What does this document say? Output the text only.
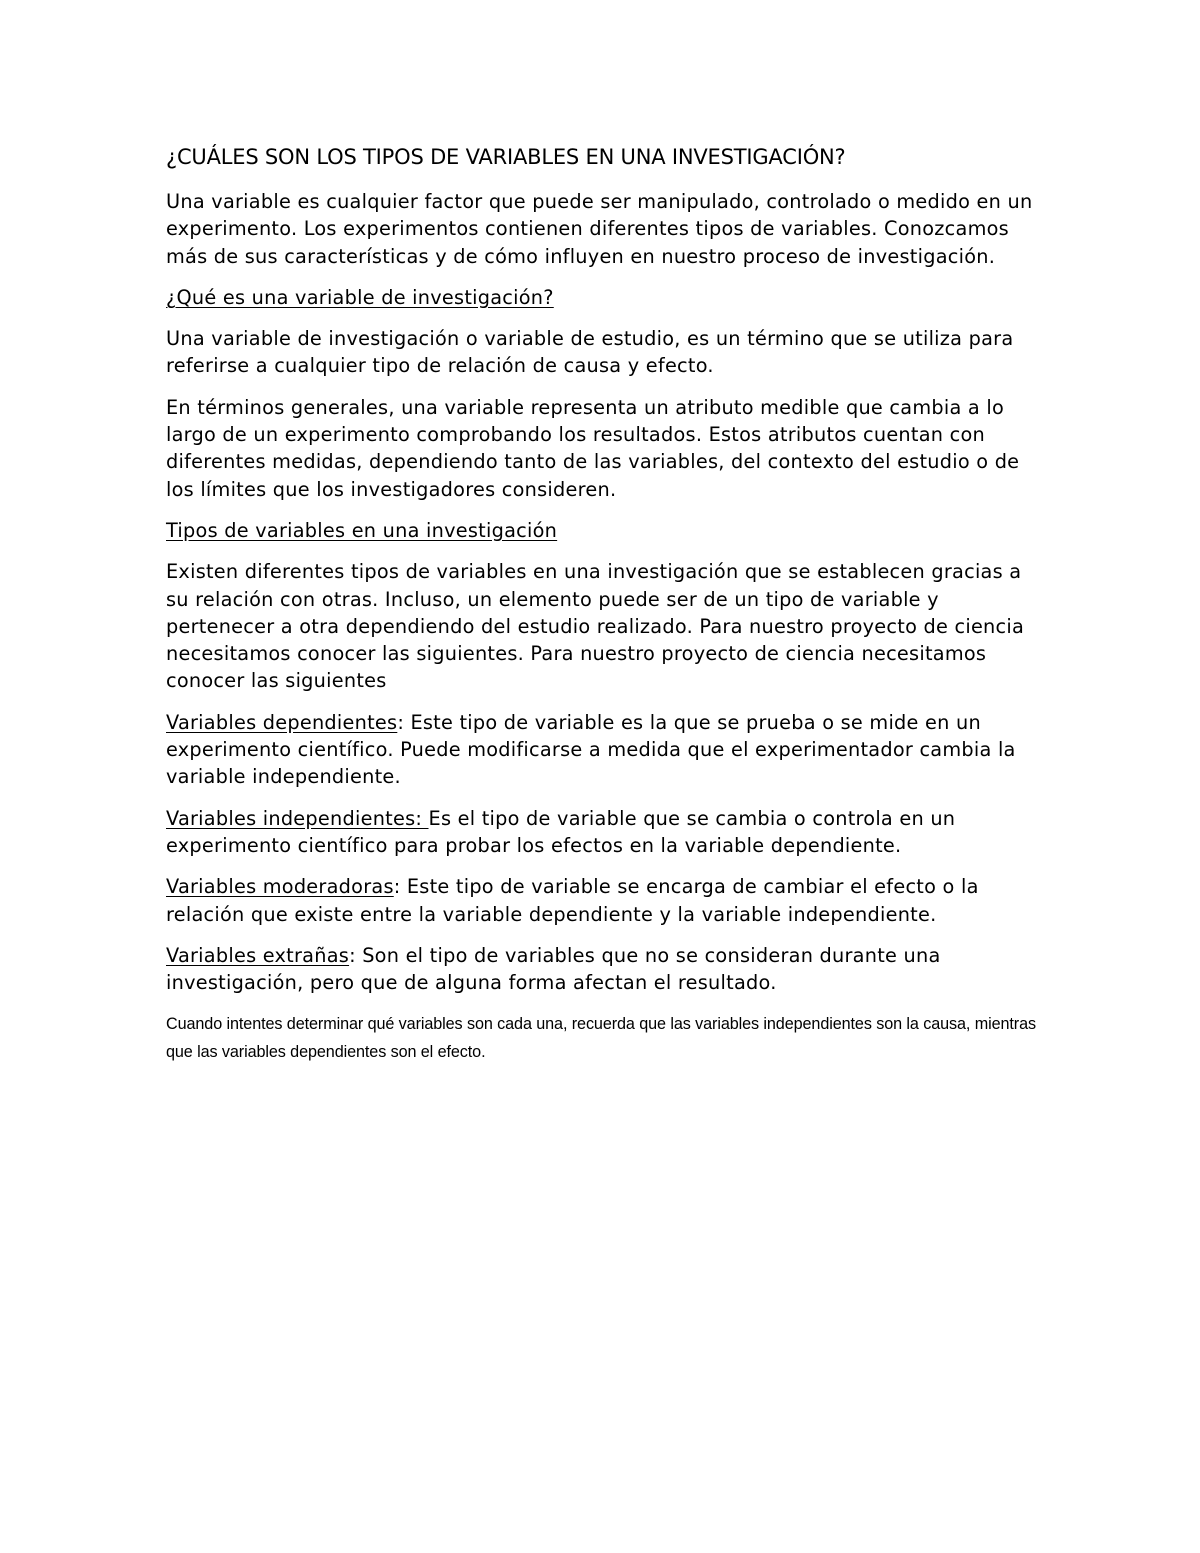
¿CUÁLES SON LOS TIPOS DE VARIABLES EN UNA INVESTIGACIÓN?

Una variable es cualquier factor que puede ser manipulado, controlado o medido en un experimento. Los experimentos contienen diferentes tipos de variables. Conozcamos más de sus características y de cómo influyen en nuestro proceso de investigación.

¿Qué es una variable de investigación?

Una variable de investigación o variable de estudio, es un término que se utiliza para referirse a cualquier tipo de relación de causa y efecto.

En términos generales, una variable representa un atributo medible que cambia a lo largo de un experimento comprobando los resultados. Estos atributos cuentan con diferentes medidas, dependiendo tanto de las variables, del contexto del estudio o de los límites que los investigadores consideren.

Tipos de variables en una investigación

Existen diferentes tipos de variables en una investigación que se establecen gracias a su relación con otras. Incluso, un elemento puede ser de un tipo de variable y pertenecer a otra dependiendo del estudio realizado. Para nuestro proyecto de ciencia necesitamos conocer las siguientes. Para nuestro proyecto de ciencia necesitamos conocer las siguientes

Variables dependientes: Este tipo de variable es la que se prueba o se mide en un experimento científico. Puede modificarse a medida que el experimentador cambia la variable independiente.

Variables independientes: Es el tipo de variable que se cambia o controla en un experimento científico para probar los efectos en la variable dependiente.

Variables moderadoras: Este tipo de variable se encarga de cambiar el efecto o la relación que existe entre la variable dependiente y la variable independiente.

Variables extrañas: Son el tipo de variables que no se consideran durante una investigación, pero que de alguna forma afectan el resultado.

Cuando intentes determinar qué variables son cada una, recuerda que las variables independientes son la causa, mientras que las variables dependientes son el efecto.
